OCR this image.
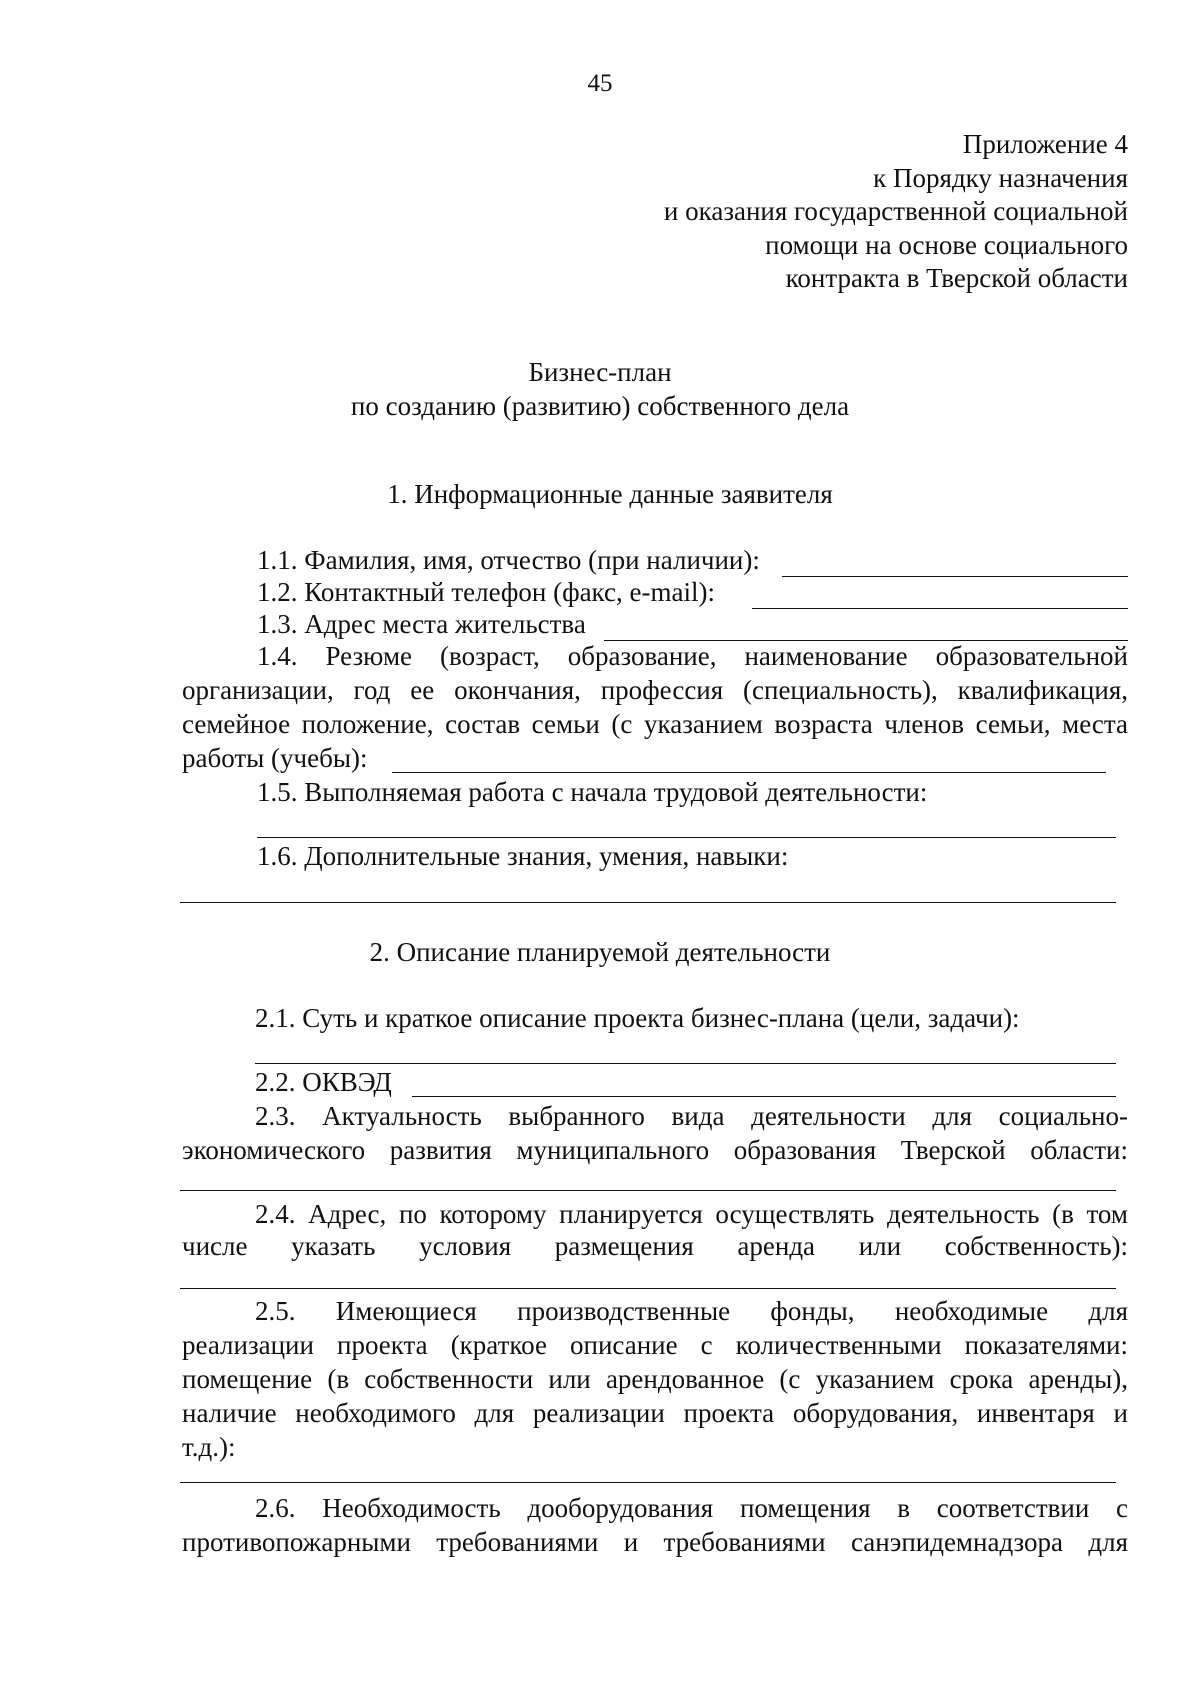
45
Приложение 4
к Порядку назначения
и оказания государственной социальной
помощи на основе социального
контракта в Тверской области
Бизнес-план
по созданию (развитию) собственного дела
1. Информационные данные заявителя
1.1. Фамилия, имя, отчество (при наличии):
1.2. Контактный телефон (факс, e-mail):
1.3. Адрес места жительства
1.4. Резюме (возраст, образование, наименование образовательной
организации, год ее окончания, профессия (специальность), квалификация,
семейное положение, состав семьи (с указанием возраста членов семьи, места
работы (учебы):
1.5. Выполняемая работа с начала трудовой деятельности:
1.6. Дополнительные знания, умения, навыки:
2. Описание планируемой деятельности
2.1. Суть и краткое описание проекта бизнес-плана (цели, задачи):
2.2. ОКВЭД
2.3. Актуальность выбранного вида деятельности для социально-
экономического развития муниципального образования Тверской области:
2.4. Адрес, по которому планируется осуществлять деятельность (в том
числе указать условия размещения аренда или собственность):
2.5. Имеющиеся производственные фонды, необходимые для
реализации проекта (краткое описание с количественными показателями:
помещение (в собственности или арендованное (с указанием срока аренды),
наличие необходимого для реализации проекта оборудования, инвентаря и
т.д.):
2.6. Необходимость дооборудования помещения в соответствии с
противопожарными требованиями и требованиями санэпидемнадзора для
